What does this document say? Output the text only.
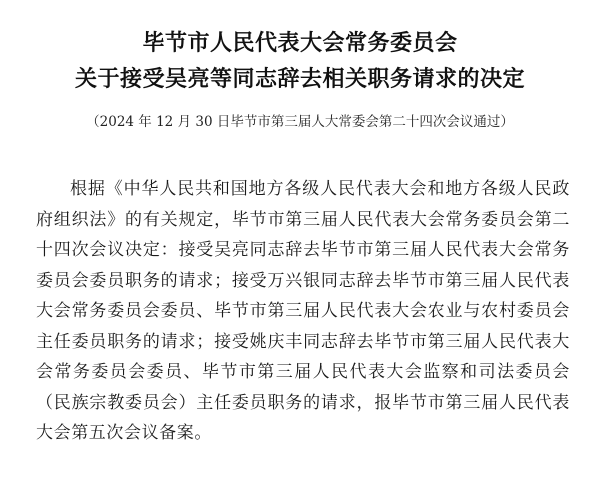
毕节市人民代表大会常务委员会
关于接受吴亮等同志辞去相关职务请求的决定
（2024 年 12 月 30 日毕节市第三届人大常委会第二十四次会议通过）

根据《中华人民共和国地方各级人民代表大会和地方各级人民政府组织法》的有关规定，毕节市第三届人民代表大会常务委员会第二十四次会议决定：接受吴亮同志辞去毕节市第三届人民代表大会常务委员会委员职务的请求；接受万兴银同志辞去毕节市第三届人民代表大会常务委员会委员、毕节市第三届人民代表大会农业与农村委员会主任委员职务的请求；接受姚庆丰同志辞去毕节市第三届人民代表大会常务委员会委员、毕节市第三届人民代表大会监察和司法委员会（民族宗教委员会）主任委员职务的请求，报毕节市第三届人民代表大会第五次会议备案。
